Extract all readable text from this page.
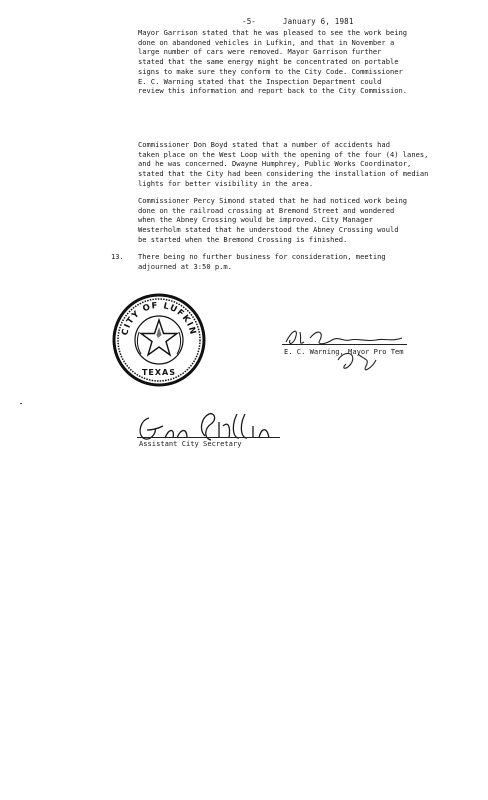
-5-	January 6, 1981
Mayor Garrison stated that he was pleased to see the work being
done on abandoned vehicles in Lufkin, and that in November a
large number of cars were removed. Mayor Garrison further
stated that the same energy might be concentrated on portable
signs to make sure they conform to the City Code. Commissioner
E. C. Warning stated that the Inspection Department could
review this information and report back to the City Commission.
Commissioner Don Boyd stated that a number of accidents had
taken place on the West Loop with the opening of the four (4) lanes,
and he was concerned. Dwayne Humphrey, Public Works Coordinator,
stated that the City had been considering the installation of median
lights for better visibility in the area.
Commissioner Percy Simond stated that he had noticed work being
done on the railroad crossing at Bremond Street and wondered
when the Abney Crossing would be improved. City Manager
Westerholm stated that he understood the Abney Crossing would
be started when the Bremond Crossing is finished.
13. There being no further business for consideration, meeting
adjourned at 3:50 p.m.
CITY OF LUFKIN
TEXAS
E. C. Warning, Mayor Pro Tem
Assistant City Secretary
